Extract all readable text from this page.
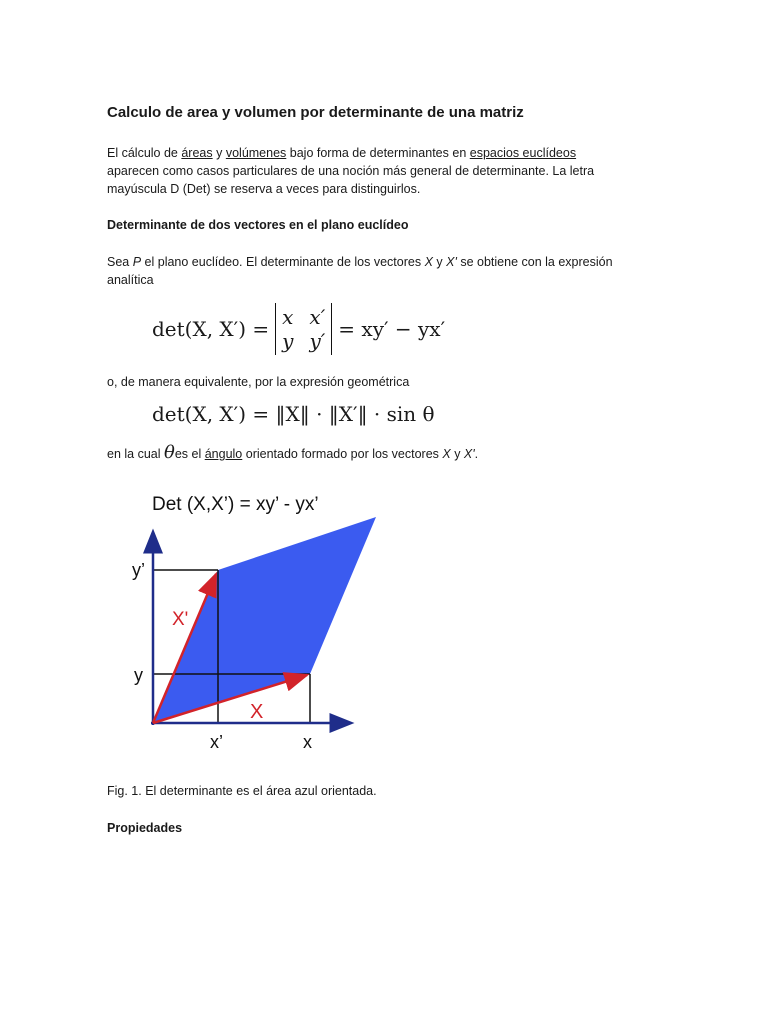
Calculo de area y volumen por determinante de una matriz
El cálculo de áreas y volúmenes bajo forma de determinantes en espacios euclídeos
aparecen como casos particulares de una noción más general de determinante. La letra
mayúscula D (Det) se reserva a veces para distinguirlos.
Determinante de dos vectores en el plano euclídeo
Sea P el plano euclídeo. El determinante de los vectores X y X' se obtiene con la expresión
analítica
det(X, X′) = x x′
y y′ = xy′ − yx′
o, de manera equivalente, por la expresión geométrica
det(X, X′) = ‖X‖ · ‖X′‖ · sin θ
en la cual θes el ángulo orientado formado por los vectores X y X'.
Fig. 1. El determinante es el área azul orientada.
Propiedades
Det (X,X’) = xy’ - yx’
X'
X
y’
y
x’	x
